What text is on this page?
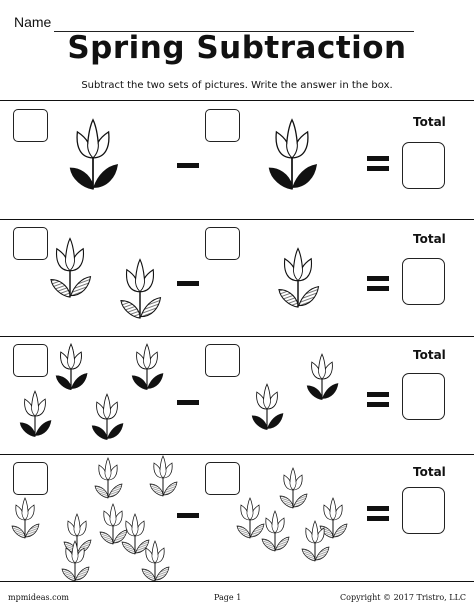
Name
Spring Subtraction
Subtract the two sets of pictures. Write the answer in the box.
Total
Total
Total
Total
mpmideas.com	Page 1	Copyright © 2017 Tristro, LLC
